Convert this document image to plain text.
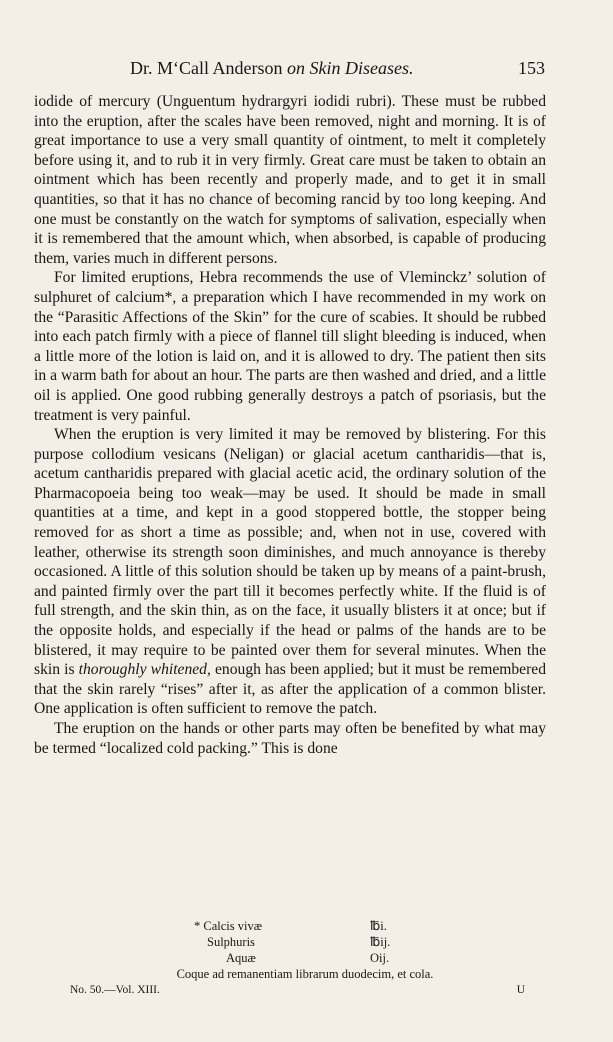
Dr. M‘Call Anderson on Skin Diseases.	153

iodide of mercury (Unguentum hydrargyri iodidi rubri). These must be rubbed into the eruption, after the scales have been removed, night and morning. It is of great importance to use a very small quantity of ointment, to melt it completely before using it, and to rub it in very firmly. Great care must be taken to obtain an ointment which has been recently and properly made, and to get it in small quantities, so that it has no chance of becoming rancid by too long keeping. And one must be constantly on the watch for symptoms of salivation, especially when it is remembered that the amount which, when absorbed, is capable of producing them, varies much in different persons.

For limited eruptions, Hebra recommends the use of Vleminckz’ solution of sulphuret of calcium*, a preparation which I have recommended in my work on the “Parasitic Affections of the Skin” for the cure of scabies. It should be rubbed into each patch firmly with a piece of flannel till slight bleeding is induced, when a little more of the lotion is laid on, and it is allowed to dry. The patient then sits in a warm bath for about an hour. The parts are then washed and dried, and a little oil is applied. One good rubbing generally destroys a patch of psoriasis, but the treatment is very painful.

When the eruption is very limited it may be removed by blistering. For this purpose collodium vesicans (Neligan) or glacial acetum cantharidis—that is, acetum cantharidis prepared with glacial acetic acid, the ordinary solution of the Pharmacopoeia being too weak—may be used. It should be made in small quantities at a time, and kept in a good stoppered bottle, the stopper being removed for as short a time as possible; and, when not in use, covered with leather, otherwise its strength soon diminishes, and much annoyance is thereby occasioned. A little of this solution should be taken up by means of a paint-brush, and painted firmly over the part till it becomes perfectly white. If the fluid is of full strength, and the skin thin, as on the face, it usually blisters it at once; but if the opposite holds, and especially if the head or palms of the hands are to be blistered, it may require to be painted over them for several minutes. When the skin is thoroughly whitened, enough has been applied; but it must be remembered that the skin rarely “rises” after it, as after the application of a common blister. One application is often sufficient to remove the patch.

The eruption on the hands or other parts may often be benefited by what may be termed “localized cold packing.” This is done

* Calcis vivæ	℔i.
Sulphuris	℔ij.
Aquæ	Oij.
Coque ad remanentiam librarum duodecim, et cola.
No. 50.—Vol. XIII.	U
